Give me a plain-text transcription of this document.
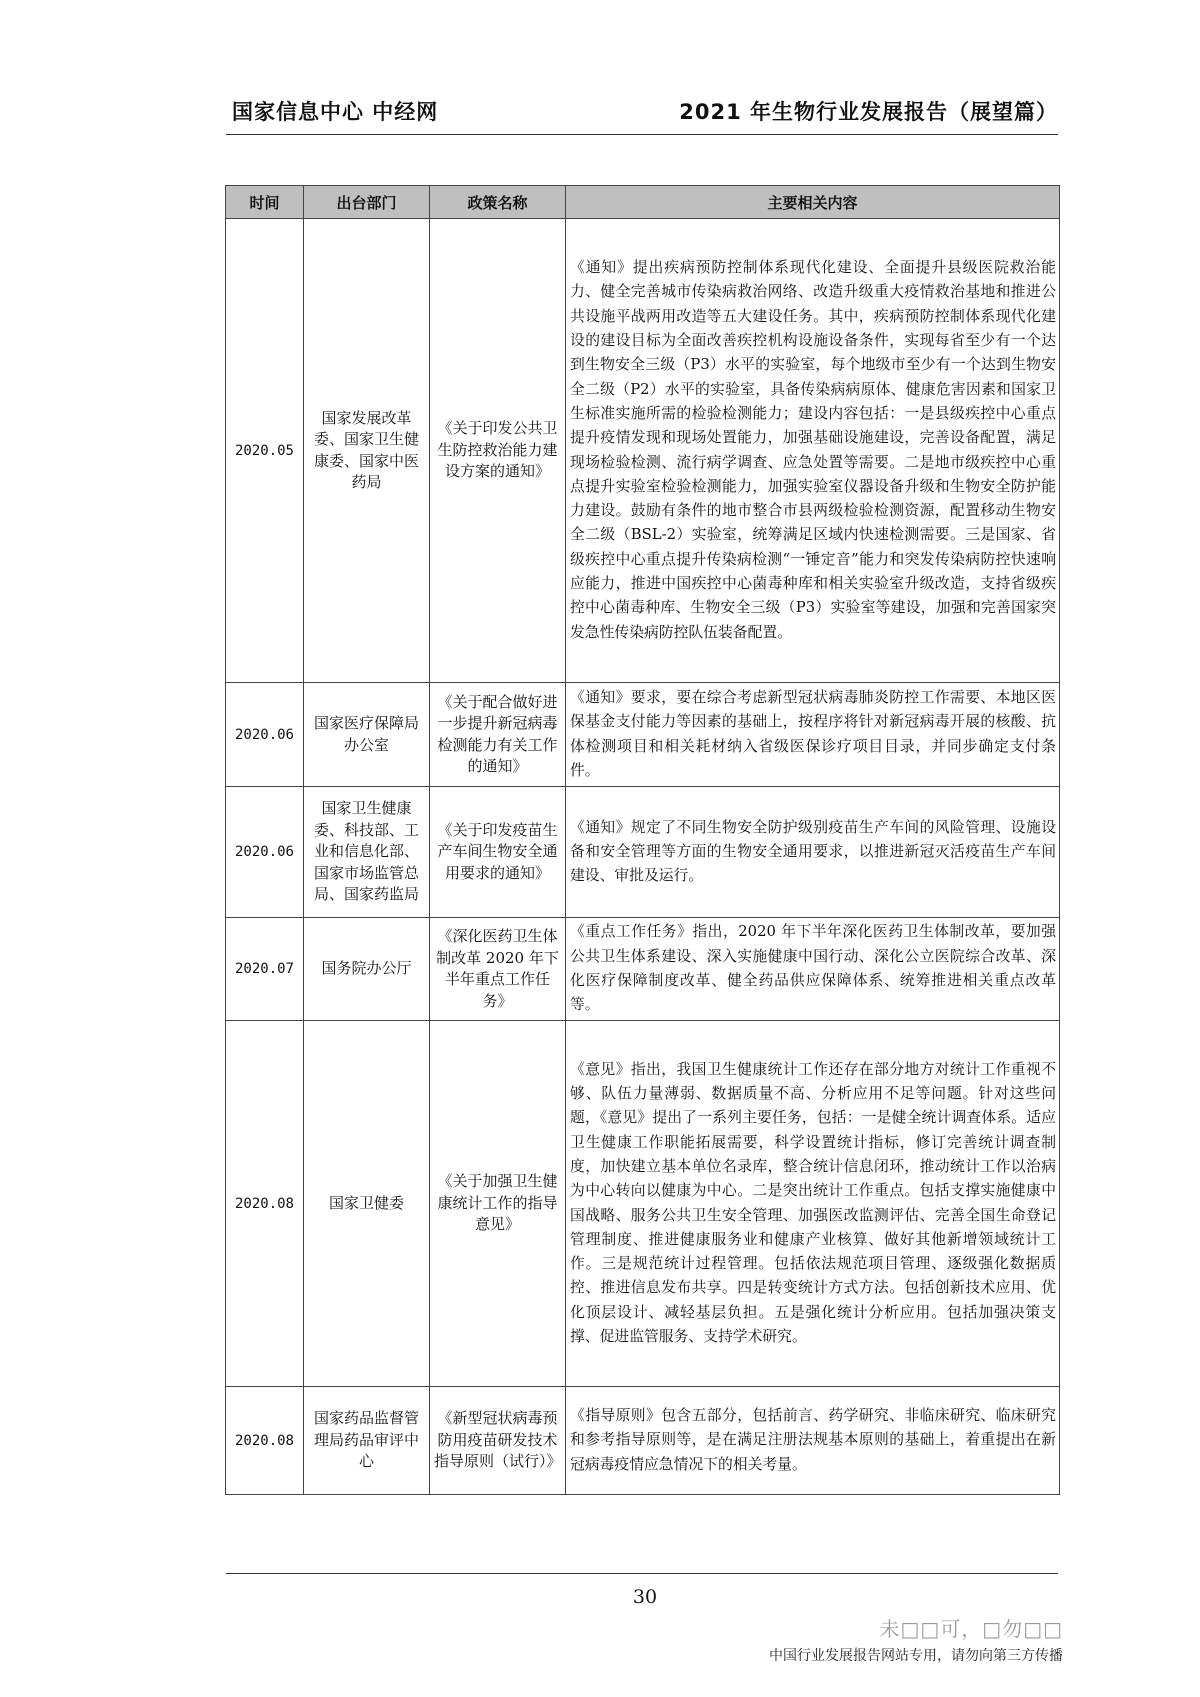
国家信息中心 中经网	2021 年生物行业发展报告（展望篇）
时间	出台部门	政策名称	主要相关内容
2020.05	国家发展改革委、国家卫生健康委、国家中医药局	《关于印发公共卫生防控救治能力建设方案的通知》	《通知》提出疾病预防控制体系现代化建设、全面提升县级医院救治能力、健全完善城市传染病救治网络、改造升级重大疫情救治基地和推进公共设施平战两用改造等五大建设任务。其中，疾病预防控制体系现代化建设的建设目标为全面改善疾控机构设施设备条件，实现每省至少有一个达到生物安全三级（P3）水平的实验室，每个地级市至少有一个达到生物安全二级（P2）水平的实验室，具备传染病病原体、健康危害因素和国家卫生标准实施所需的检验检测能力；建设内容包括：一是县级疾控中心重点提升疫情发现和现场处置能力，加强基础设施建设，完善设备配置，满足现场检验检测、流行病学调查、应急处置等需要。二是地市级疾控中心重点提升实验室检验检测能力，加强实验室仪器设备升级和生物安全防护能力建设。鼓励有条件的地市整合市县两级检验检测资源，配置移动生物安全二级（BSL-2）实验室，统筹满足区域内快速检测需要。三是国家、省级疾控中心重点提升传染病检测“一锤定音”能力和突发传染病防控快速响应能力，推进中国疾控中心菌毒种库和相关实验室升级改造，支持省级疾控中心菌毒种库、生物安全三级（P3）实验室等建设，加强和完善国家突发急性传染病防控队伍装备配置。
2020.06	国家医疗保障局办公室	《关于配合做好进一步提升新冠病毒检测能力有关工作的通知》	《通知》要求，要在综合考虑新型冠状病毒肺炎防控工作需要、本地区医保基金支付能力等因素的基础上，按程序将针对新冠病毒开展的核酸、抗体检测项目和相关耗材纳入省级医保诊疗项目目录，并同步确定支付条件。
2020.06	国家卫生健康委、科技部、工业和信息化部、国家市场监管总局、国家药监局	《关于印发疫苗生产车间生物安全通用要求的通知》	《通知》规定了不同生物安全防护级别疫苗生产车间的风险管理、设施设备和安全管理等方面的生物安全通用要求，以推进新冠灭活疫苗生产车间建设、审批及运行。
2020.07	国务院办公厅	《深化医药卫生体制改革 2020 年下半年重点工作任务》	《重点工作任务》指出，2020 年下半年深化医药卫生体制改革，要加强公共卫生体系建设、深入实施健康中国行动、深化公立医院综合改革、深化医疗保障制度改革、健全药品供应保障体系、统筹推进相关重点改革等。
2020.08	国家卫健委	《关于加强卫生健康统计工作的指导意见》	《意见》指出，我国卫生健康统计工作还存在部分地方对统计工作重视不够、队伍力量薄弱、数据质量不高、分析应用不足等问题。针对这些问题，《意见》提出了一系列主要任务，包括：一是健全统计调查体系。适应卫生健康工作职能拓展需要，科学设置统计指标，修订完善统计调查制度，加快建立基本单位名录库，整合统计信息闭环，推动统计工作以治病为中心转向以健康为中心。二是突出统计工作重点。包括支撑实施健康中国战略、服务公共卫生安全管理、加强医改监测评估、完善全国生命登记管理制度、推进健康服务业和健康产业核算、做好其他新增领域统计工作。三是规范统计过程管理。包括依法规范项目管理、逐级强化数据质控、推进信息发布共享。四是转变统计方式方法。包括创新技术应用、优化顶层设计、减轻基层负担。五是强化统计分析应用。包括加强决策支撑、促进监管服务、支持学术研究。
2020.08	国家药品监督管理局药品审评中心	《新型冠状病毒预防用疫苗研发技术指导原则（试行）》	《指导原则》包含五部分，包括前言、药学研究、非临床研究、临床研究和参考指导原则等，是在满足注册法规基本原则的基础上，着重提出在新冠病毒疫情应急情况下的相关考量。
30
未□□可，□勿□□
中国行业发展报告网站专用，请勿向第三方传播
